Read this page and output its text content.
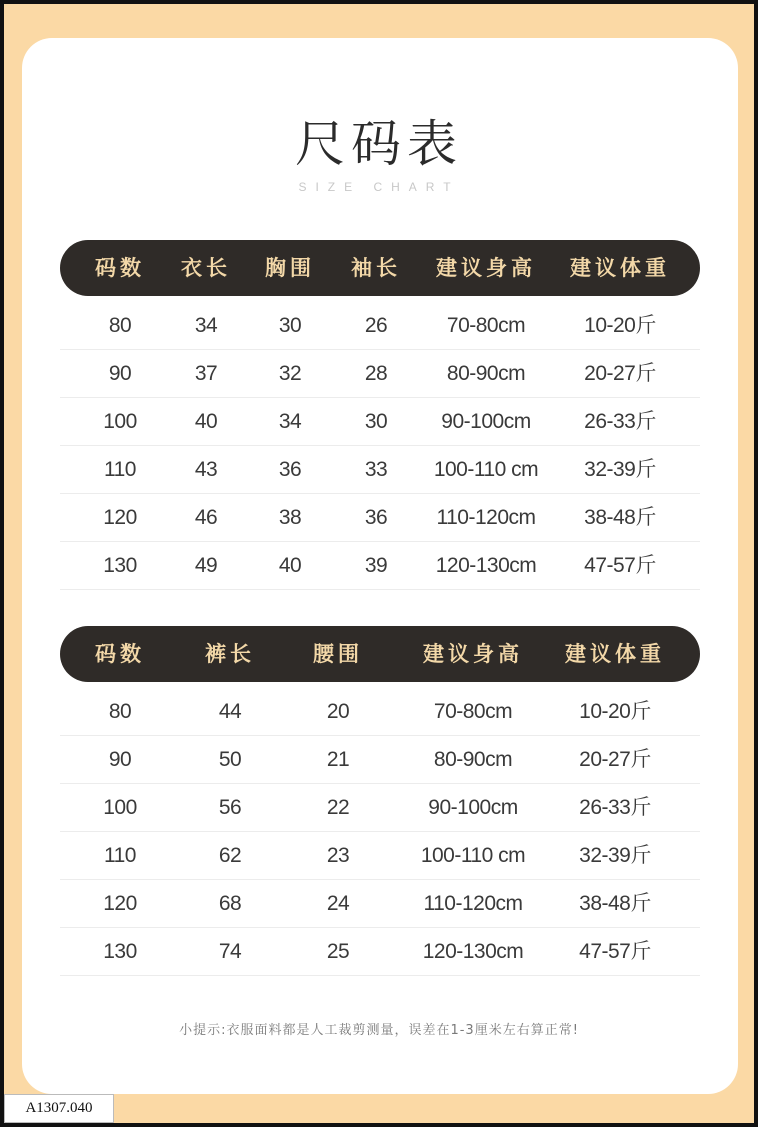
尺码表
SIZE CHART
码数 衣长 胸围 袖长 建议身高 建议体重
80	34	30	26	70-80cm	10-20斤
90	37	32	28	80-90cm	20-27斤
100	40	34	30	90-100cm	26-33斤
110	43	36	33 100-110 cm 32-39斤
120	46	38	36 110-120cm 38-48斤
130	49	40	39 120-130cm 47-57斤
码数	裤长	腰围	建议身高 建议体重
80	44	20	70-80cm	10-20斤
90	50	21	80-90cm	20-27斤
100	56	22	90-100cm	26-33斤
110	62	23	100-110 cm	32-39斤
120	68	24	110-120cm	38-48斤
130	74	25	120-130cm	47-57斤
小提示:衣服面料都是人工裁剪测量，误差在1-3厘米左右算正常!
A1307.040
